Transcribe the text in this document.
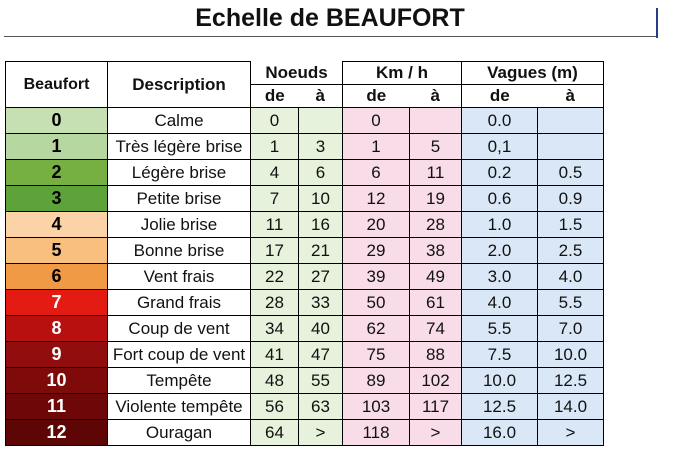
Echelle de BEAUFORT
Beaufort	Description	Noeuds		Km / h		Vagues (m)	
		de	à	de	à	de	à
0	Calme	0		0		0.0	
1	Très légère brise	1	3	1	5	0,1	
2	Légère brise	4	6	6	11	0.2	0.5
3	Petite brise	7	10	12	19	0.6	0.9
4	Jolie brise	11	16	20	28	1.0	1.5
5	Bonne brise	17	21	29	38	2.0	2.5
6	Vent frais	22	27	39	49	3.0	4.0
7	Grand frais	28	33	50	61	4.0	5.5
8	Coup de vent	34	40	62	74	5.5	7.0
9	Fort coup de vent	41	47	75	88	7.5	10.0
10	Tempête	48	55	89	102	10.0	12.5
11	Violente tempête	56	63	103	117	12.5	14.0
12	Ouragan	64	>	118	>	16.0	>
